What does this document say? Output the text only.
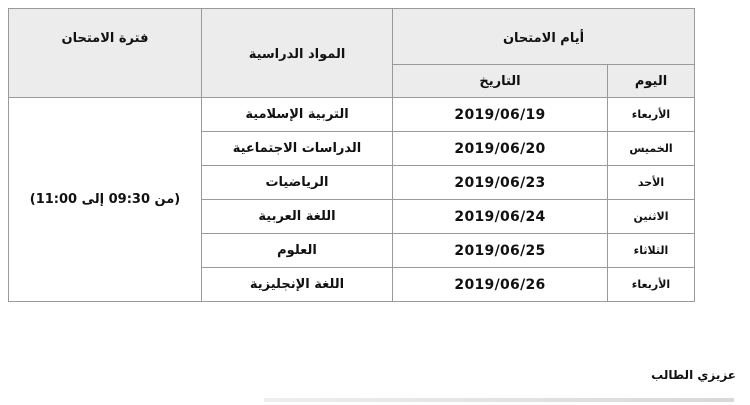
أيام الامتحان		المواد الدراسية	فترة الامتحان
اليوم	التاريخ		
الأربعاء	2019/06/19	التربية الإسلامية	(من 09:30 إلى 11:00)
الخميس	2019/06/20	الدراسات الاجتماعية	
الأحد	2019/06/23	الرياضيات	
الاثنين	2019/06/24	اللغة العربية	
الثلاثاء	2019/06/25	العلوم	
الأربعاء	2019/06/26	اللغة الإنجليزية	
عزيزي الطالب
